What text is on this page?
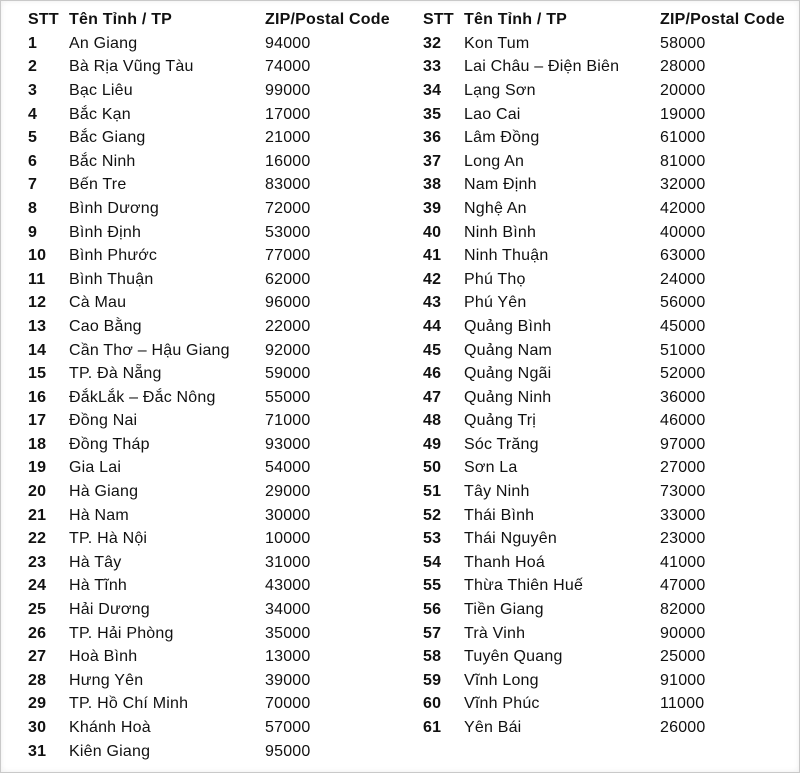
STT Tên Tỉnh / TP	ZIP/Postal Code
1	An Giang	94000
2	Bà Rịa Vũng Tàu	74000
3	Bạc Liêu	99000
4	Bắc Kạn	17000
5	Bắc Giang	21000
6	Bắc Ninh	16000
7	Bến Tre	83000
8	Bình Dương	72000
9	Bình Định	53000
10	Bình Phước	77000
11	Bình Thuận	62000
12	Cà Mau	96000
13	Cao Bằng	22000
14	Cần Thơ – Hậu Giang	92000
15	TP. Đà Nẵng	59000
16	ĐắkLắk – Đắc Nông	55000
17	Đồng Nai	71000
18	Đồng Tháp	93000
19	Gia Lai	54000
20	Hà Giang	29000
21	Hà Nam	30000
22	TP. Hà Nội	10000
23	Hà Tây	31000
24	Hà Tĩnh	43000
25	Hải Dương	34000
26	TP. Hải Phòng	35000
27	Hoà Bình	13000
28	Hưng Yên	39000
29	TP. Hồ Chí Minh	70000
30	Khánh Hoà	57000
31	Kiên Giang	95000
STT Tên Tỉnh / TP	ZIP/Postal Code
32	Kon Tum	58000
33	Lai Châu – Điện Biên	28000
34	Lạng Sơn	20000
35	Lao Cai	19000
36	Lâm Đồng	61000
37	Long An	81000
38	Nam Định	32000
39	Nghệ An	42000
40	Ninh Bình	40000
41	Ninh Thuận	63000
42	Phú Thọ	24000
43	Phú Yên	56000
44	Quảng Bình	45000
45	Quảng Nam	51000
46	Quảng Ngãi	52000
47	Quảng Ninh	36000
48	Quảng Trị	46000
49	Sóc Trăng	97000
50	Sơn La	27000
51	Tây Ninh	73000
52	Thái Bình	33000
53	Thái Nguyên	23000
54	Thanh Hoá	41000
55	Thừa Thiên Huế	47000
56	Tiền Giang	82000
57	Trà Vinh	90000
58	Tuyên Quang	25000
59	Vĩnh Long	91000
60	Vĩnh Phúc	11000
61	Yên Bái	26000
